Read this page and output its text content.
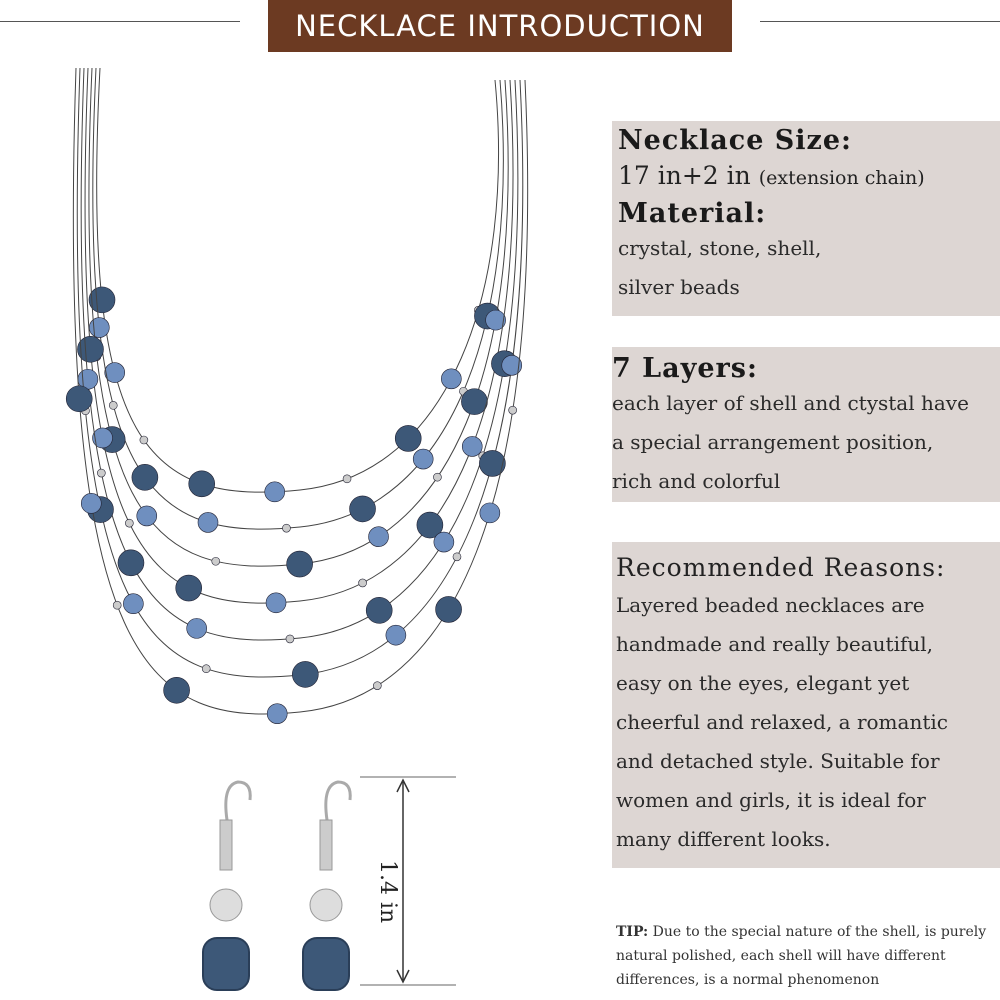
NECKLACE INTRODUCTION
1.4 in
Necklace Size:
17 in+2 in (extension chain)
Material:
crystal, stone, shell,
silver beads
7 Layers:
each layer of shell and ctystal have
a special arrangement position,
rich and colorful
Recommended Reasons:
Layered beaded necklaces are
handmade and really beautiful,
easy on the eyes, elegant yet
cheerful and relaxed, a romantic
and detached style. Suitable for
women and girls, it is ideal for
many different looks.
TIP: Due to the special nature of the shell, is purely natural polished, each shell will have different differences, is a normal phenomenon
